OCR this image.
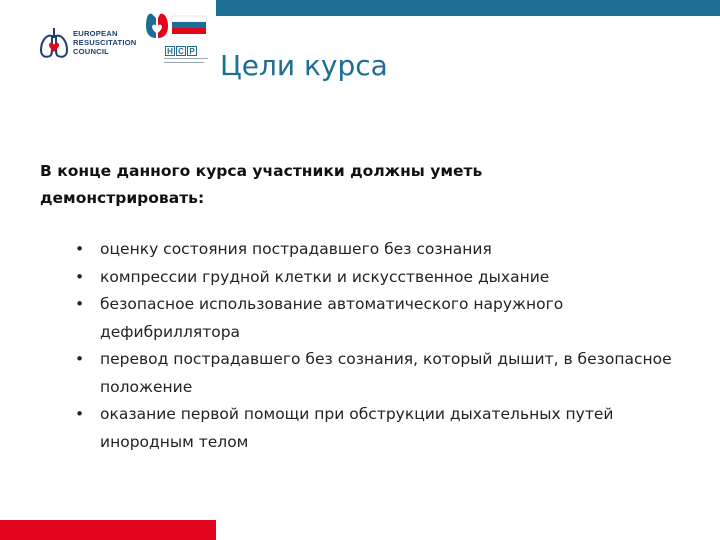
EUROPEAN
RESUSCITATION
COUNCIL	Н С Р Цели курса

В конце данного курса участники должны уметь демонстрировать:

• оценку состояния пострадавшего без сознания
• компрессии грудной клетки и искусственное дыхание
• безопасное использование автоматического наружного дефибриллятора
• перевод пострадавшего без сознания, который дышит, в безопасное положение
• оказание первой помощи при обструкции дыхательных путей инородным телом
